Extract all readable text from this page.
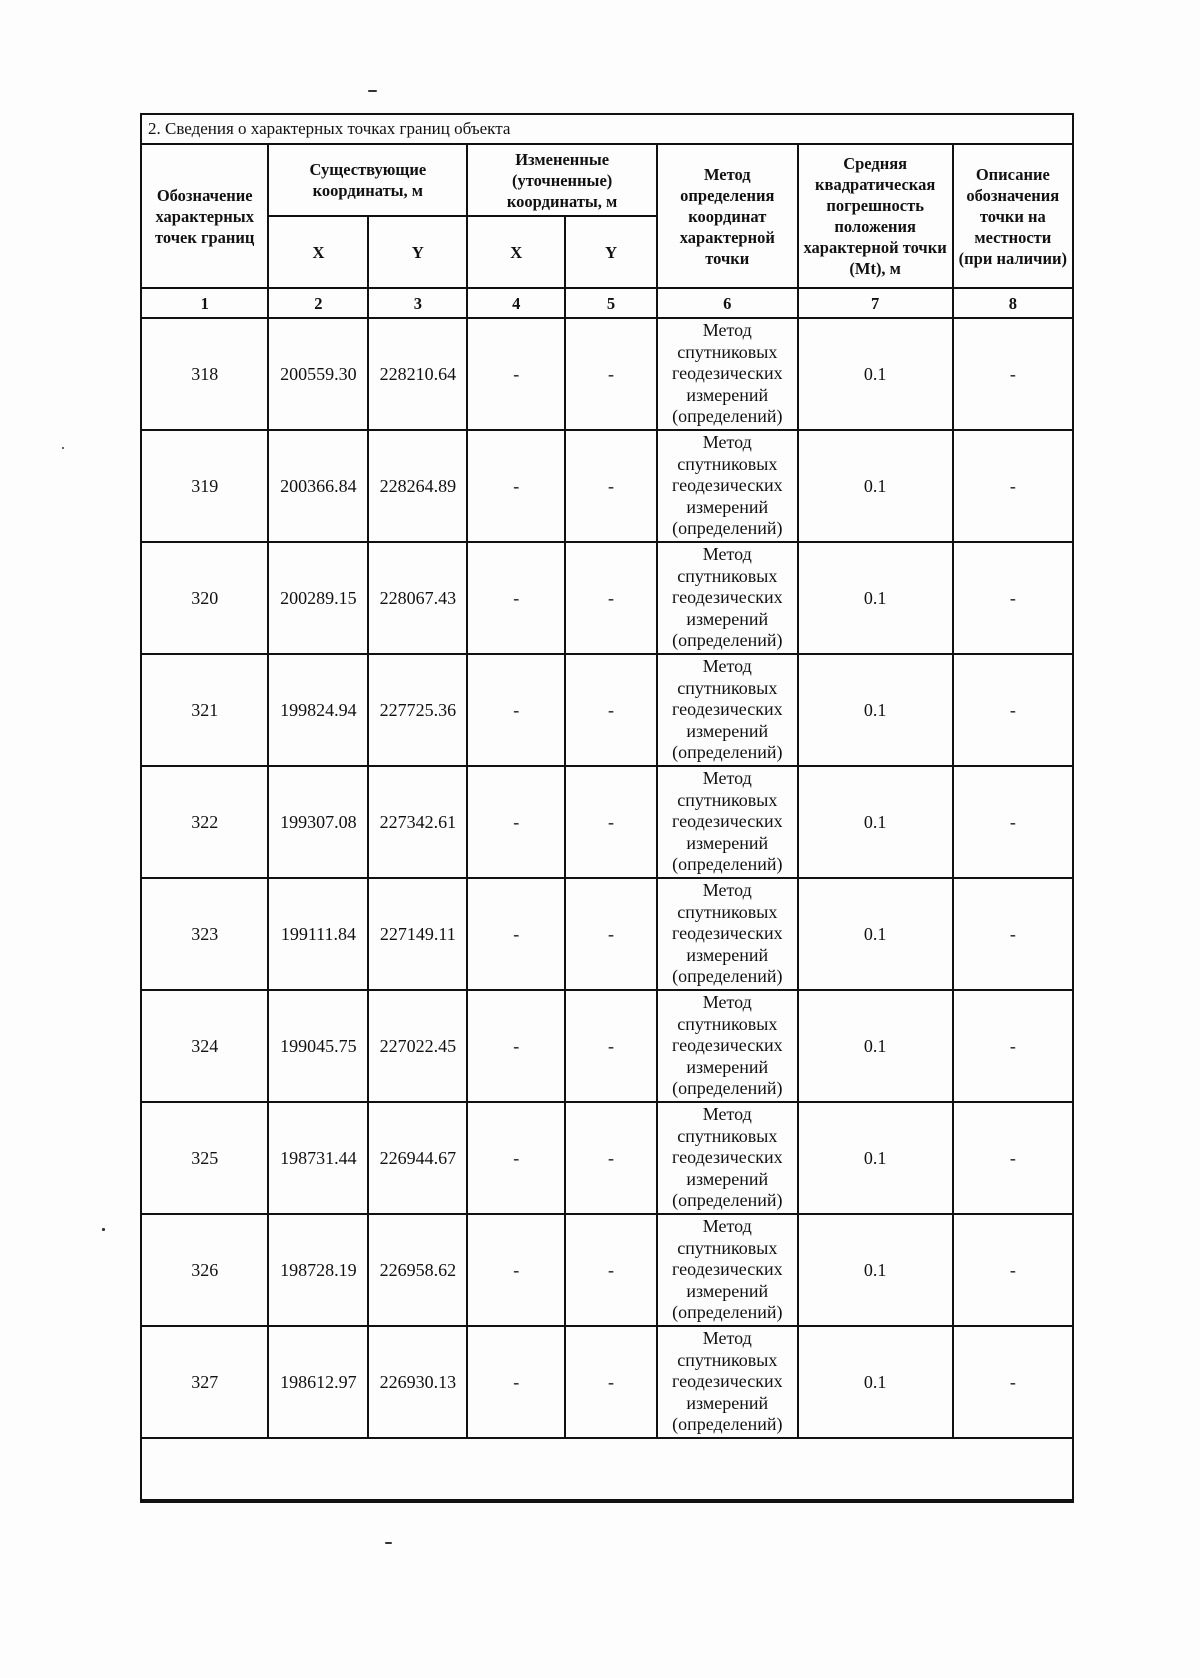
2. Сведения о характерных точках границ объекта
Обозначение характерных точек границ	Существующие координаты, м		Измененные (уточненные) координаты, м		Метод определения координат характерной точки	Средняя квадратическая погрешность положения характерной точки (Mt), м	Описание обозначения точки на местности (при наличии)
	X	Y	X	Y			
1	2	3	4	5	6	7	8
318	200559.30	228210.64	-	-	Метод спутниковых геодезических измерений (определений)	0.1	-
319	200366.84	228264.89	-	-	Метод спутниковых геодезических измерений (определений)	0.1	-
320	200289.15	228067.43	-	-	Метод спутниковых геодезических измерений (определений)	0.1	-
321	199824.94	227725.36	-	-	Метод спутниковых геодезических измерений (определений)	0.1	-
322	199307.08	227342.61	-	-	Метод спутниковых геодезических измерений (определений)	0.1	-
323	199111.84	227149.11	-	-	Метод спутниковых геодезических измерений (определений)	0.1	-
324	199045.75	227022.45	-	-	Метод спутниковых геодезических измерений (определений)	0.1	-
325	198731.44	226944.67	-	-	Метод спутниковых геодезических измерений (определений)	0.1	-
326	198728.19	226958.62	-	-	Метод спутниковых геодезических измерений (определений)	0.1	-
327	198612.97	226930.13	-	-	Метод спутниковых геодезических измерений (определений)	0.1	-
